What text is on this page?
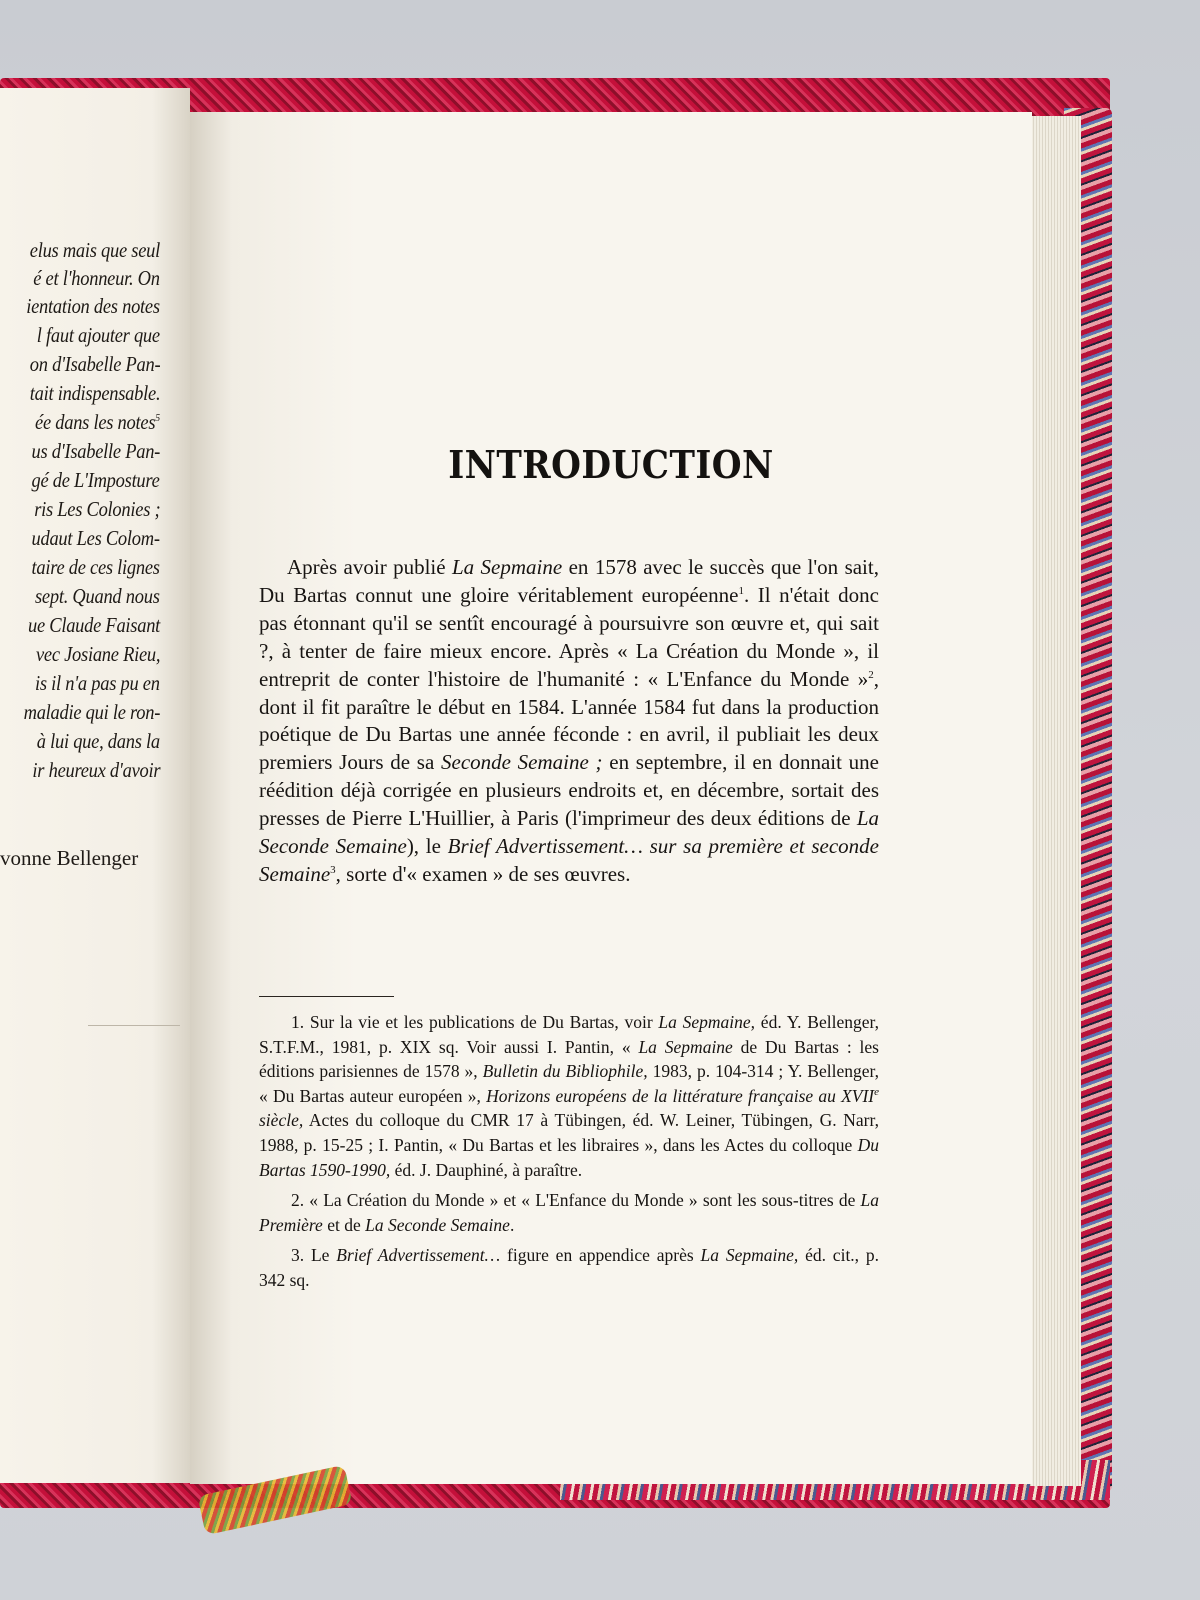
elus mais que seul
é et l'honneur. On
ientation des notes
l faut ajouter que
on d'Isabelle Pan-
tait indispensable.
ée dans les notes$^5$
us d'Isabelle Pan-
gé de L'Imposture
ris Les Colonies ;
udaut Les Colom-
taire de ces lignes
sept. Quand nous
ue Claude Faisant
vec Josiane Rieu,
is il n'a pas pu en
maladie qui le ron-
à lui que, dans la
ir heureux d'avoir
vonne Bellenger
INTRODUCTION
Après avoir publié La Sepmaine en 1578 avec le succès que l'on sait, Du Bartas connut une gloire véritablement européenne$^1$. Il n'était donc pas étonnant qu'il se sentît encouragé à poursuivre son œuvre et, qui sait ?, à tenter de faire mieux encore. Après « La Création du Monde », il entreprit de conter l'histoire de l'humanité : « L'Enfance du Monde »$^2$, dont il fit paraître le début en 1584. L'année 1584 fut dans la production poétique de Du Bartas une année féconde : en avril, il publiait les deux premiers Jours de sa Seconde Semaine ; en septembre, il en donnait une réédition déjà corrigée en plusieurs endroits et, en décembre, sortait des presses de Pierre L'Huillier, à Paris (l'imprimeur des deux éditions de La Seconde Semaine), le Brief Advertissement… sur sa première et seconde Semaine$^3$, sorte d'« examen » de ses œuvres.

1. Sur la vie et les publications de Du Bartas, voir La Sepmaine, éd. Y. Bellenger, S.T.F.M., 1981, p. XIX sq. Voir aussi I. Pantin, « La Sepmaine de Du Bartas : les éditions parisiennes de 1578 », Bulletin du Bibliophile, 1983, p. 104-314 ; Y. Bellenger, « Du Bartas auteur européen », Horizons européens de la littérature française au XVIIe siècle, Actes du colloque du CMR 17 à Tübingen, éd. W. Leiner, Tübingen, G. Narr, 1988, p. 15-25 ; I. Pantin, « Du Bartas et les libraires », dans les Actes du colloque Du Bartas 1590-1990, éd. J. Dauphiné, à paraître.

2. « La Création du Monde » et « L'Enfance du Monde » sont les sous-titres de La Première et de La Seconde Semaine.

3. Le Brief Advertissement… figure en appendice après La Sepmaine, éd. cit., p. 342 sq.
